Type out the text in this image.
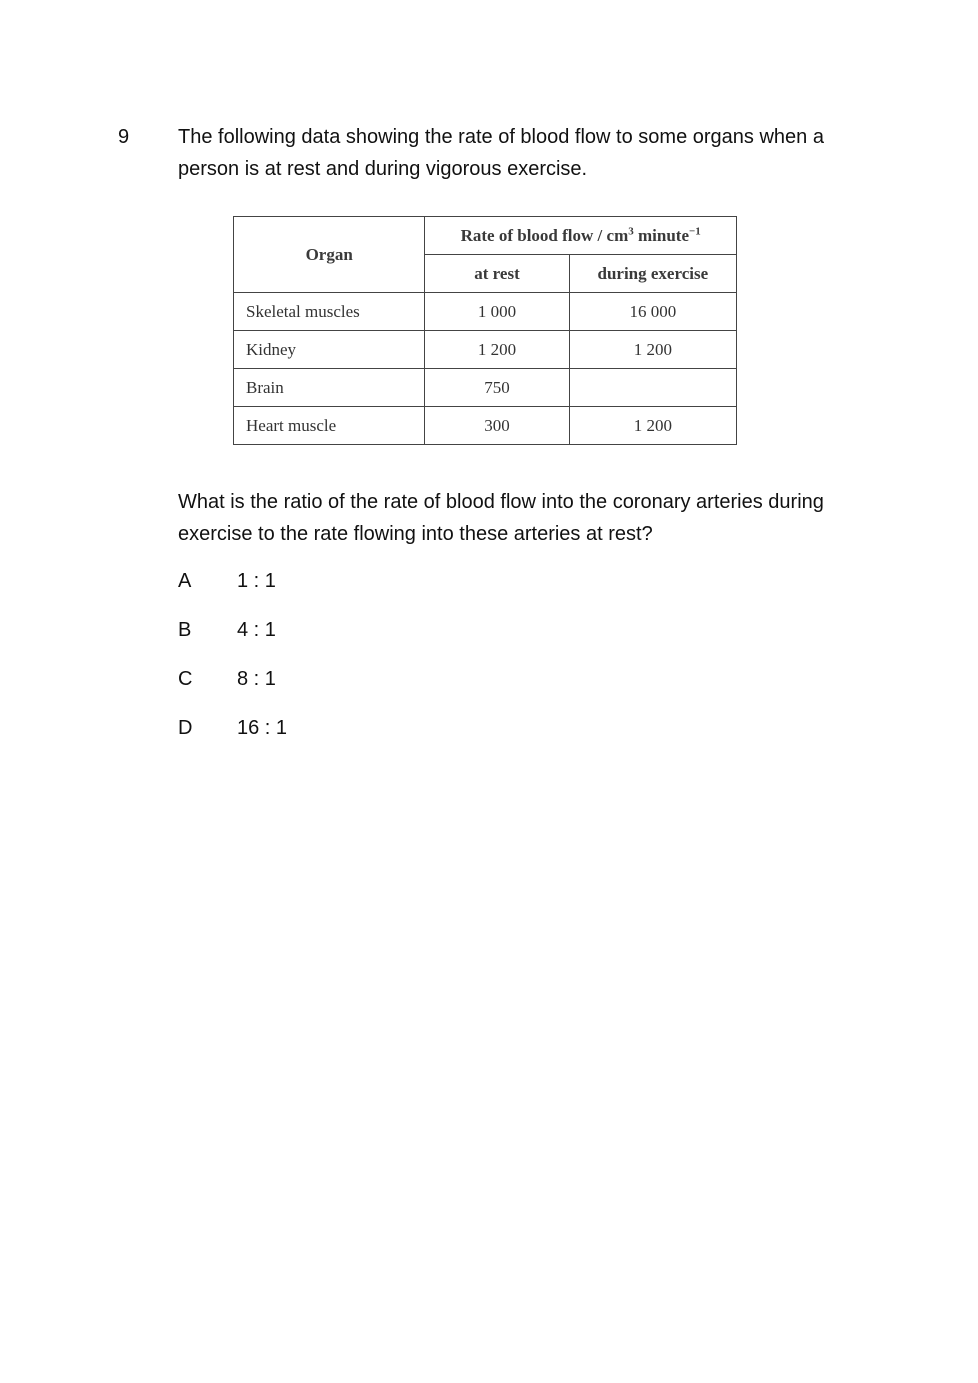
9 The following data showing the rate of blood flow to some organs when a person is at rest and during vigorous exercise.
Organ	Rate of blood flow / $cm^3$ minute$^{-1}$
	at rest	during exercise
Skeletal muscles	1 000	16 000
Kidney	1 200	1 200
Brain	750	
Heart muscle	300	1 200
What is the ratio of the rate of blood flow into the coronary arteries during exercise to the rate flowing into these arteries at rest?
A	1 : 1
B	4 : 1
C	8 : 1
D	16 : 1
